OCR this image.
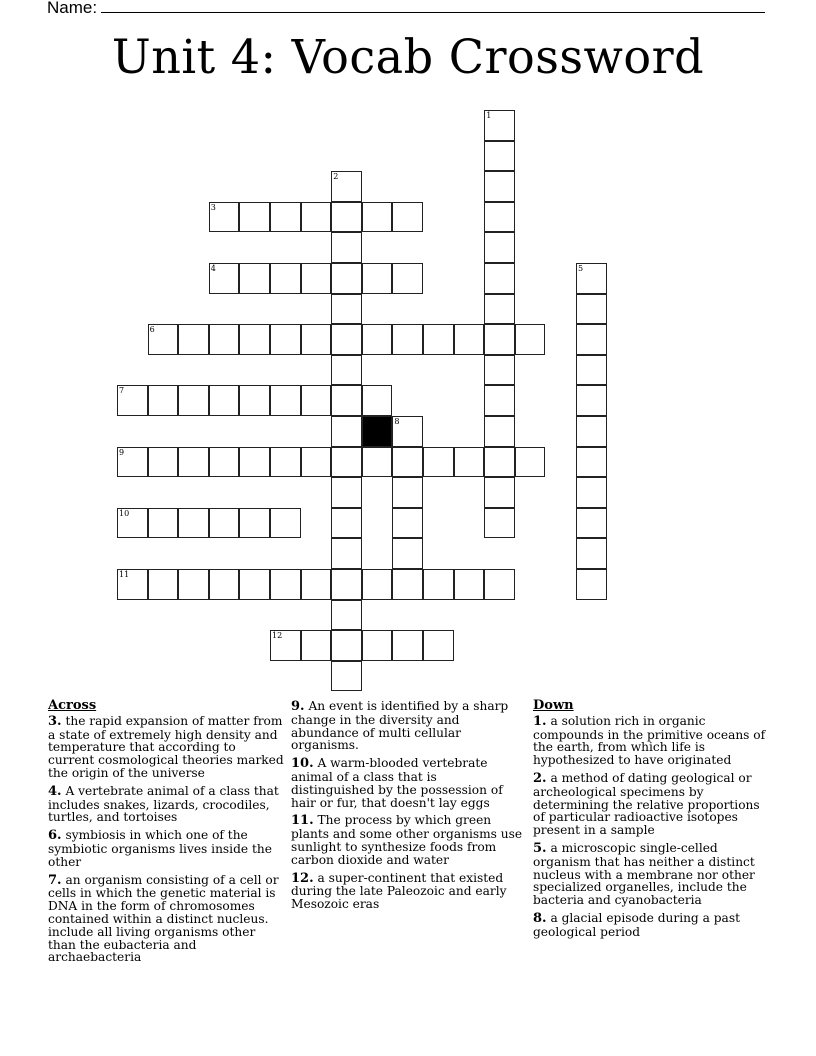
Name:
Unit 4: Vocab Crossword
1
2
3
4	5
6
7
8
9
10
11
12
Across
3. the rapid expansion of matter from a state of extremely high density and temperature that according to current cosmological theories marked the origin of the universe
4. A vertebrate animal of a class that includes snakes, lizards, crocodiles, turtles, and tortoises
6. symbiosis in which one of the symbiotic organisms lives inside the other
7. an organism consisting of a cell or cells in which the genetic material is DNA in the form of chromosomes contained within a distinct nucleus. include all living organisms other than the eubacteria and archaebacteria
9. An event is identified by a sharp change in the diversity and abundance of multi cellular organisms.
10. A warm-blooded vertebrate animal of a class that is distinguished by the possession of hair or fur, that doesn't lay eggs
11. The process by which green plants and some other organisms use sunlight to synthesize foods from carbon dioxide and water
12. a super-continent that existed during the late Paleozoic and early Mesozoic eras
Down
1. a solution rich in organic compounds in the primitive oceans of the earth, from which life is hypothesized to have originated
2. a method of dating geological or archeological specimens by determining the relative proportions of particular radioactive isotopes present in a sample
5. a microscopic single-celled organism that has neither a distinct nucleus with a membrane nor other specialized organelles, include the bacteria and cyanobacteria
8. a glacial episode during a past geological period
